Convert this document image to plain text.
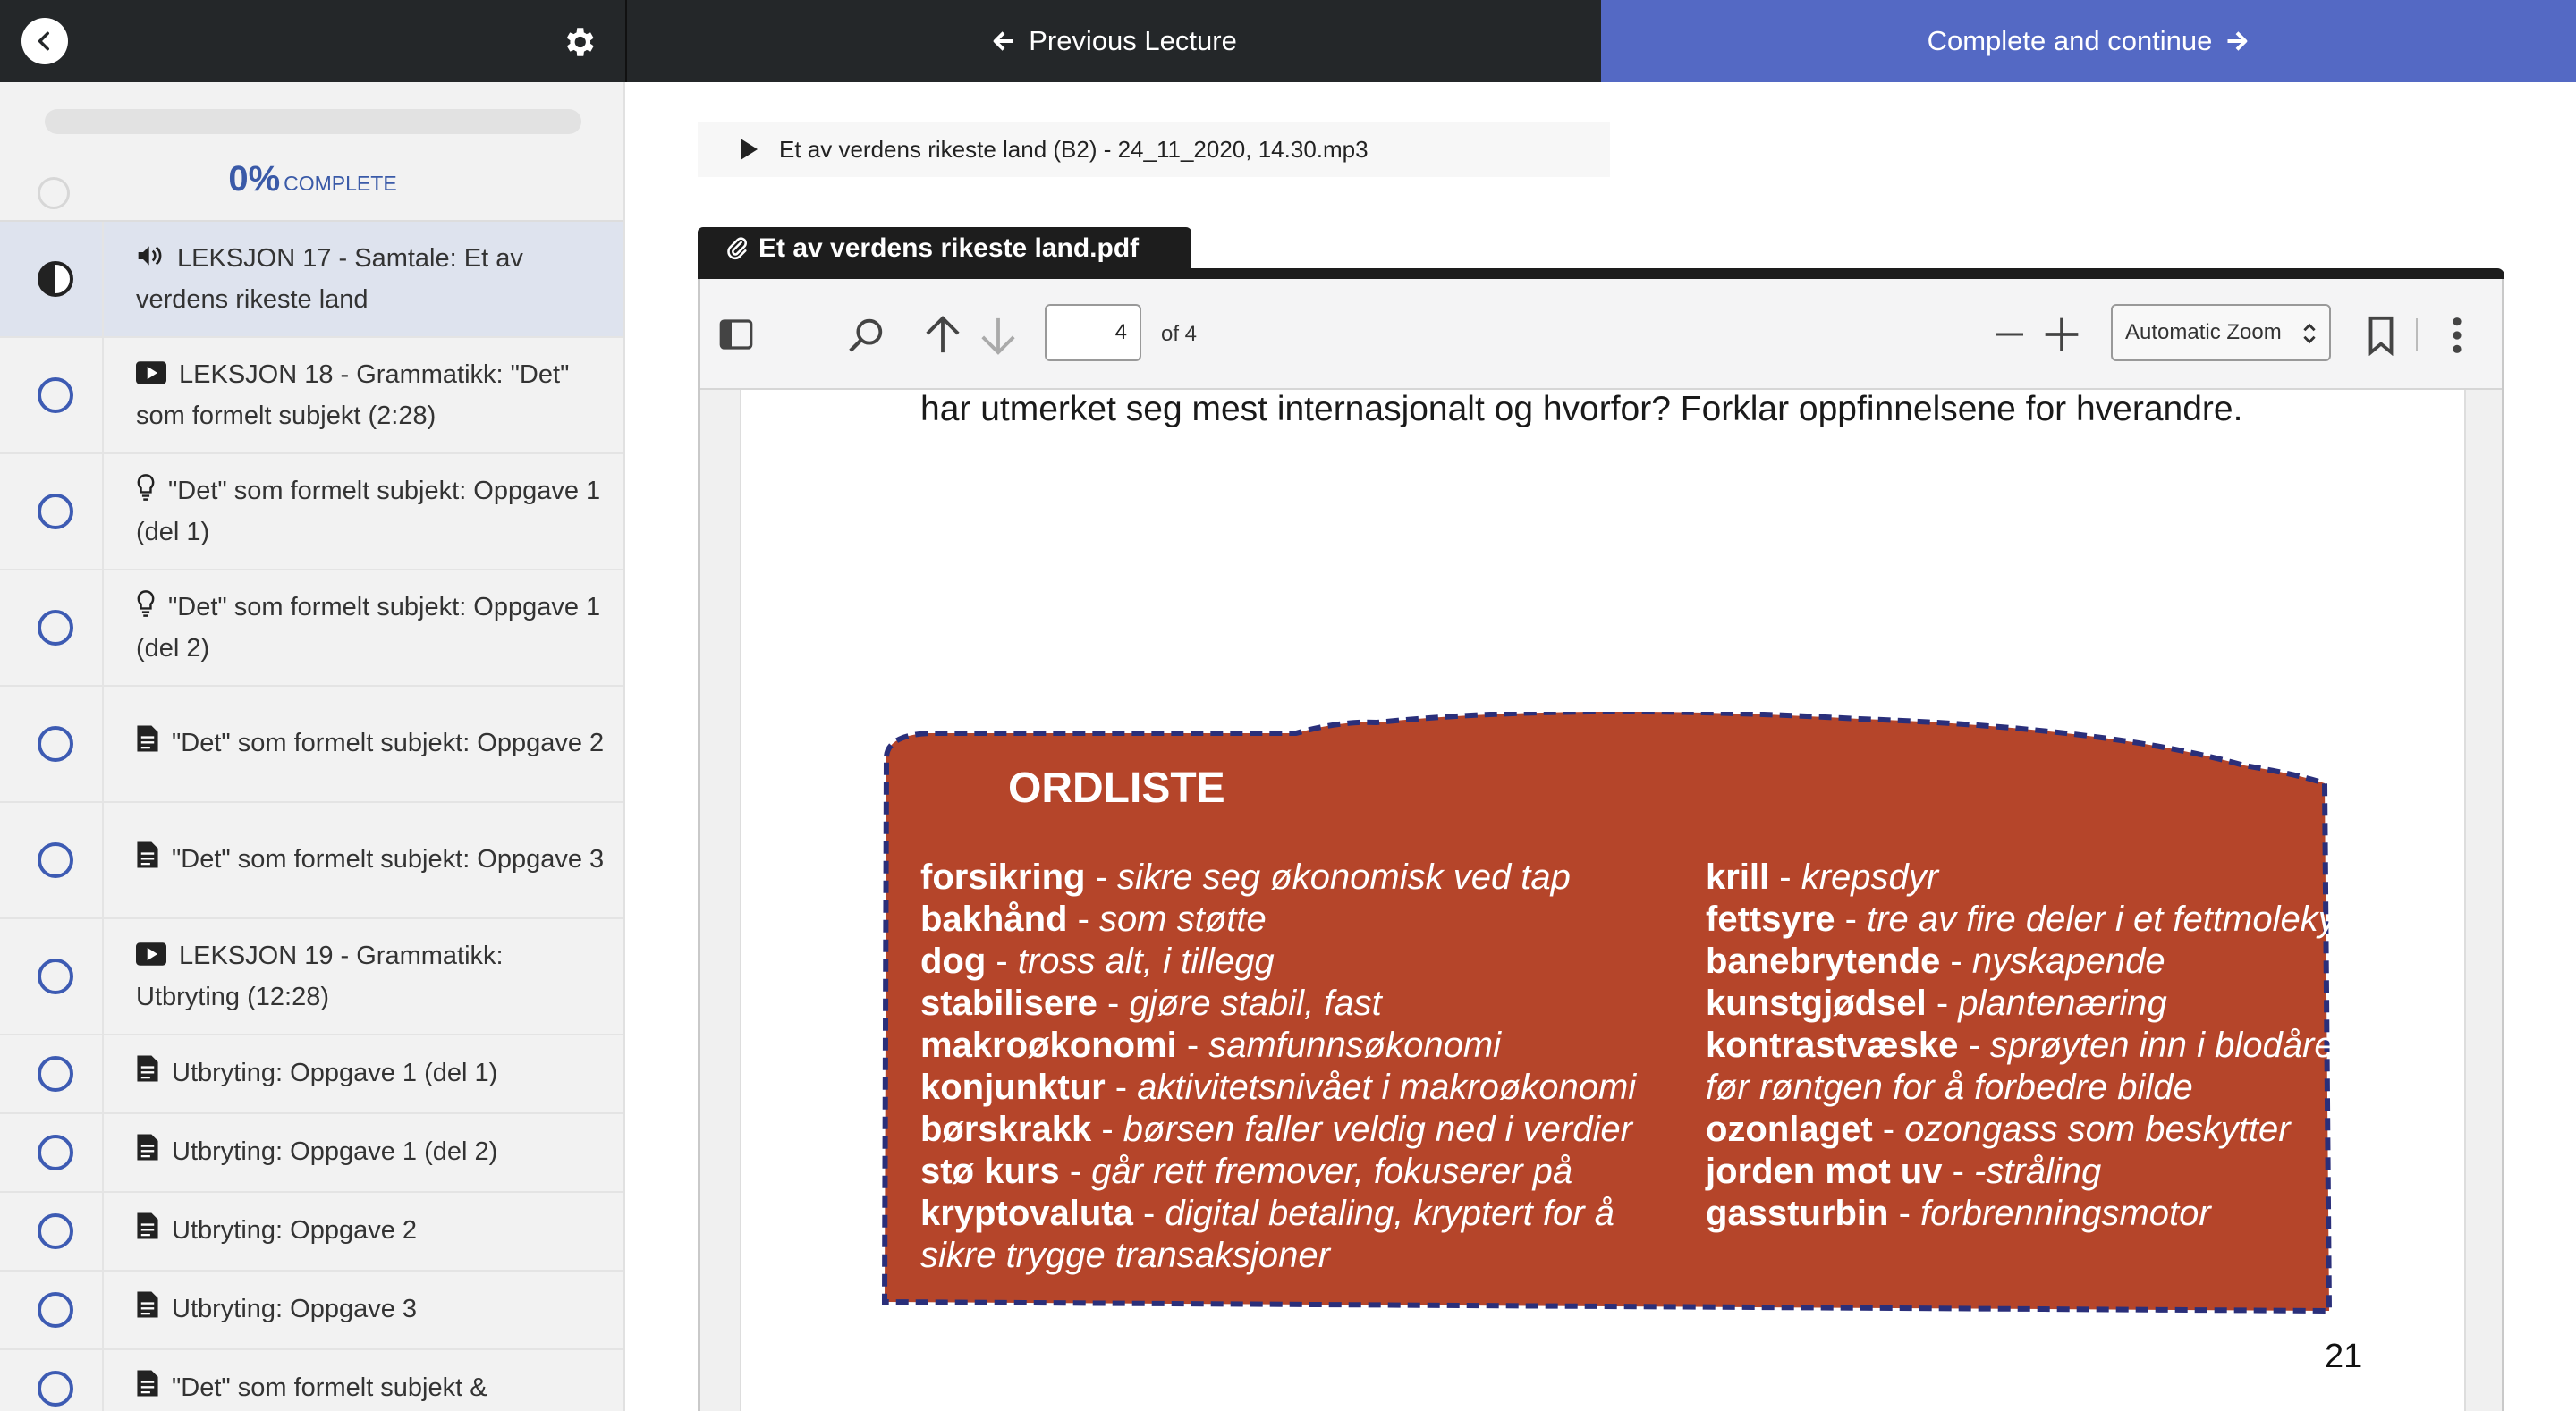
Previous Lecture	Complete and continue
0% COMPLETE
LEKSJON 17 - Samtale: Et av verdens rikeste land
LEKSJON 18 - Grammatikk: "Det" som formelt subjekt (2:28)
"Det" som formelt subjekt: Oppgave 1 (del 1)
"Det" som formelt subjekt: Oppgave 1 (del 2)
"Det" som formelt subjekt: Oppgave 2
"Det" som formelt subjekt: Oppgave 3
LEKSJON 19 - Grammatikk: Utbryting (12:28)
Utbryting: Oppgave 1 (del 1)
Utbryting: Oppgave 1 (del 2)
Utbryting: Oppgave 2
Utbryting: Oppgave 3
"Det" som formelt subjekt &
Et av verdens rikeste land (B2) - 24_11_2020, 14.30.mp3
Et av verdens rikeste land.pdf
4	of 4	Automatic Zoom
har utmerket seg mest internasjonalt og hvorfor? Forklar oppfinnelsene for hverandre.
ORDLISTE
forsikring - sikre seg økonomisk ved tap
bakhånd - som støtte
dog - tross alt, i tillegg
stabilisere - gjøre stabil, fast
makroøkonomi - samfunnsøkonomi
konjunktur - aktivitetsnivået i makroøkonomi
børskrakk - børsen faller veldig ned i verdier
stø kurs - går rett fremover, fokuserer på
kryptovaluta - digital betaling, kryptert for å
sikre trygge transaksjoner
krill - krepsdyr
fettsyre - tre av fire deler i et fettmolekyl
banebrytende - nyskapende
kunstgjødsel - plantenæring
kontrastvæske - sprøyten inn i blodårer
før røntgen for å forbedre bilde
ozonlaget - ozongass som beskytter
jorden mot uv - -stråling
gassturbin - forbrenningsmotor
21
